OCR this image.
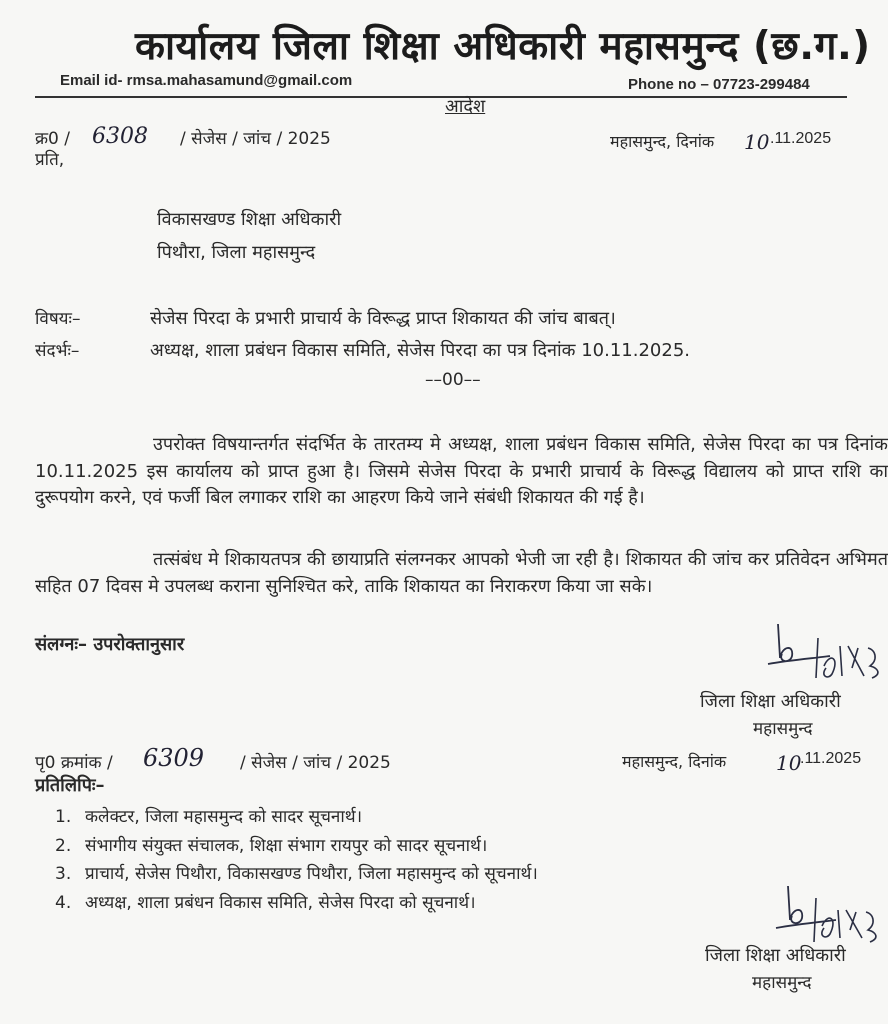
कार्यालय जिला शिक्षा अधिकारी महासमुन्द (छ.ग.)
Email id- rmsa.mahasamund@gmail.com	Phone no – 07723-299484
आदेश
क्र0 / 6308 / सेजेस / जांच / 2025	महासमुन्द, दिनांक 10 .11.2025
प्रति,
विकासखण्ड शिक्षा अधिकारी
पिथौरा, जिला महासमुन्द
विषयः–	सेजेस पिरदा के प्रभारी प्राचार्य के विरूद्ध प्राप्त शिकायत की जांच बाबत्।
संदर्भः–	अध्यक्ष, शाला प्रबंधन विकास समिति, सेजेस पिरदा का पत्र दिनांक 10.11.2025.
––00––
उपरोक्त विषयान्तर्गत संदर्भित के तारतम्य मे अध्यक्ष, शाला प्रबंधन विकास समिति, सेजेस पिरदा का पत्र दिनांक 10.11.2025 इस कार्यालय को प्राप्त हुआ है। जिसमे सेजेस पिरदा के प्रभारी प्राचार्य के विरूद्ध विद्यालय को प्राप्त राशि का दुरूपयोग करने, एवं फर्जी बिल लगाकर राशि का आहरण किये जाने संबंधी शिकायत की गई है।
तत्संबंध मे शिकायतपत्र की छायाप्रति संलग्नकर आपको भेजी जा रही है। शिकायत की जांच कर प्रतिवेदन अभिमत सहित 07 दिवस मे उपलब्ध कराना सुनिश्चित करे, ताकि शिकायत का निराकरण किया जा सके।
संलग्नः– उपरोक्तानुसार
जिला शिक्षा अधिकारी
महासमुन्द
पृ0 क्रमांक / 6309 / सेजेस / जांच / 2025	महासमुन्द, दिनांक 10
.11.2025
प्रतिलिपिः–
1. कलेक्टर, जिला महासमुन्द को सादर सूचनार्थ।
2. संभागीय संयुक्त संचालक, शिक्षा संभाग रायपुर को सादर सूचनार्थ।
3. प्राचार्य, सेजेस पिथौरा, विकासखण्ड पिथौरा, जिला महासमुन्द को सूचनार्थ।
4. अध्यक्ष, शाला प्रबंधन विकास समिति, सेजेस पिरदा को सूचनार्थ।
जिला शिक्षा अधिकारी
महासमुन्द
